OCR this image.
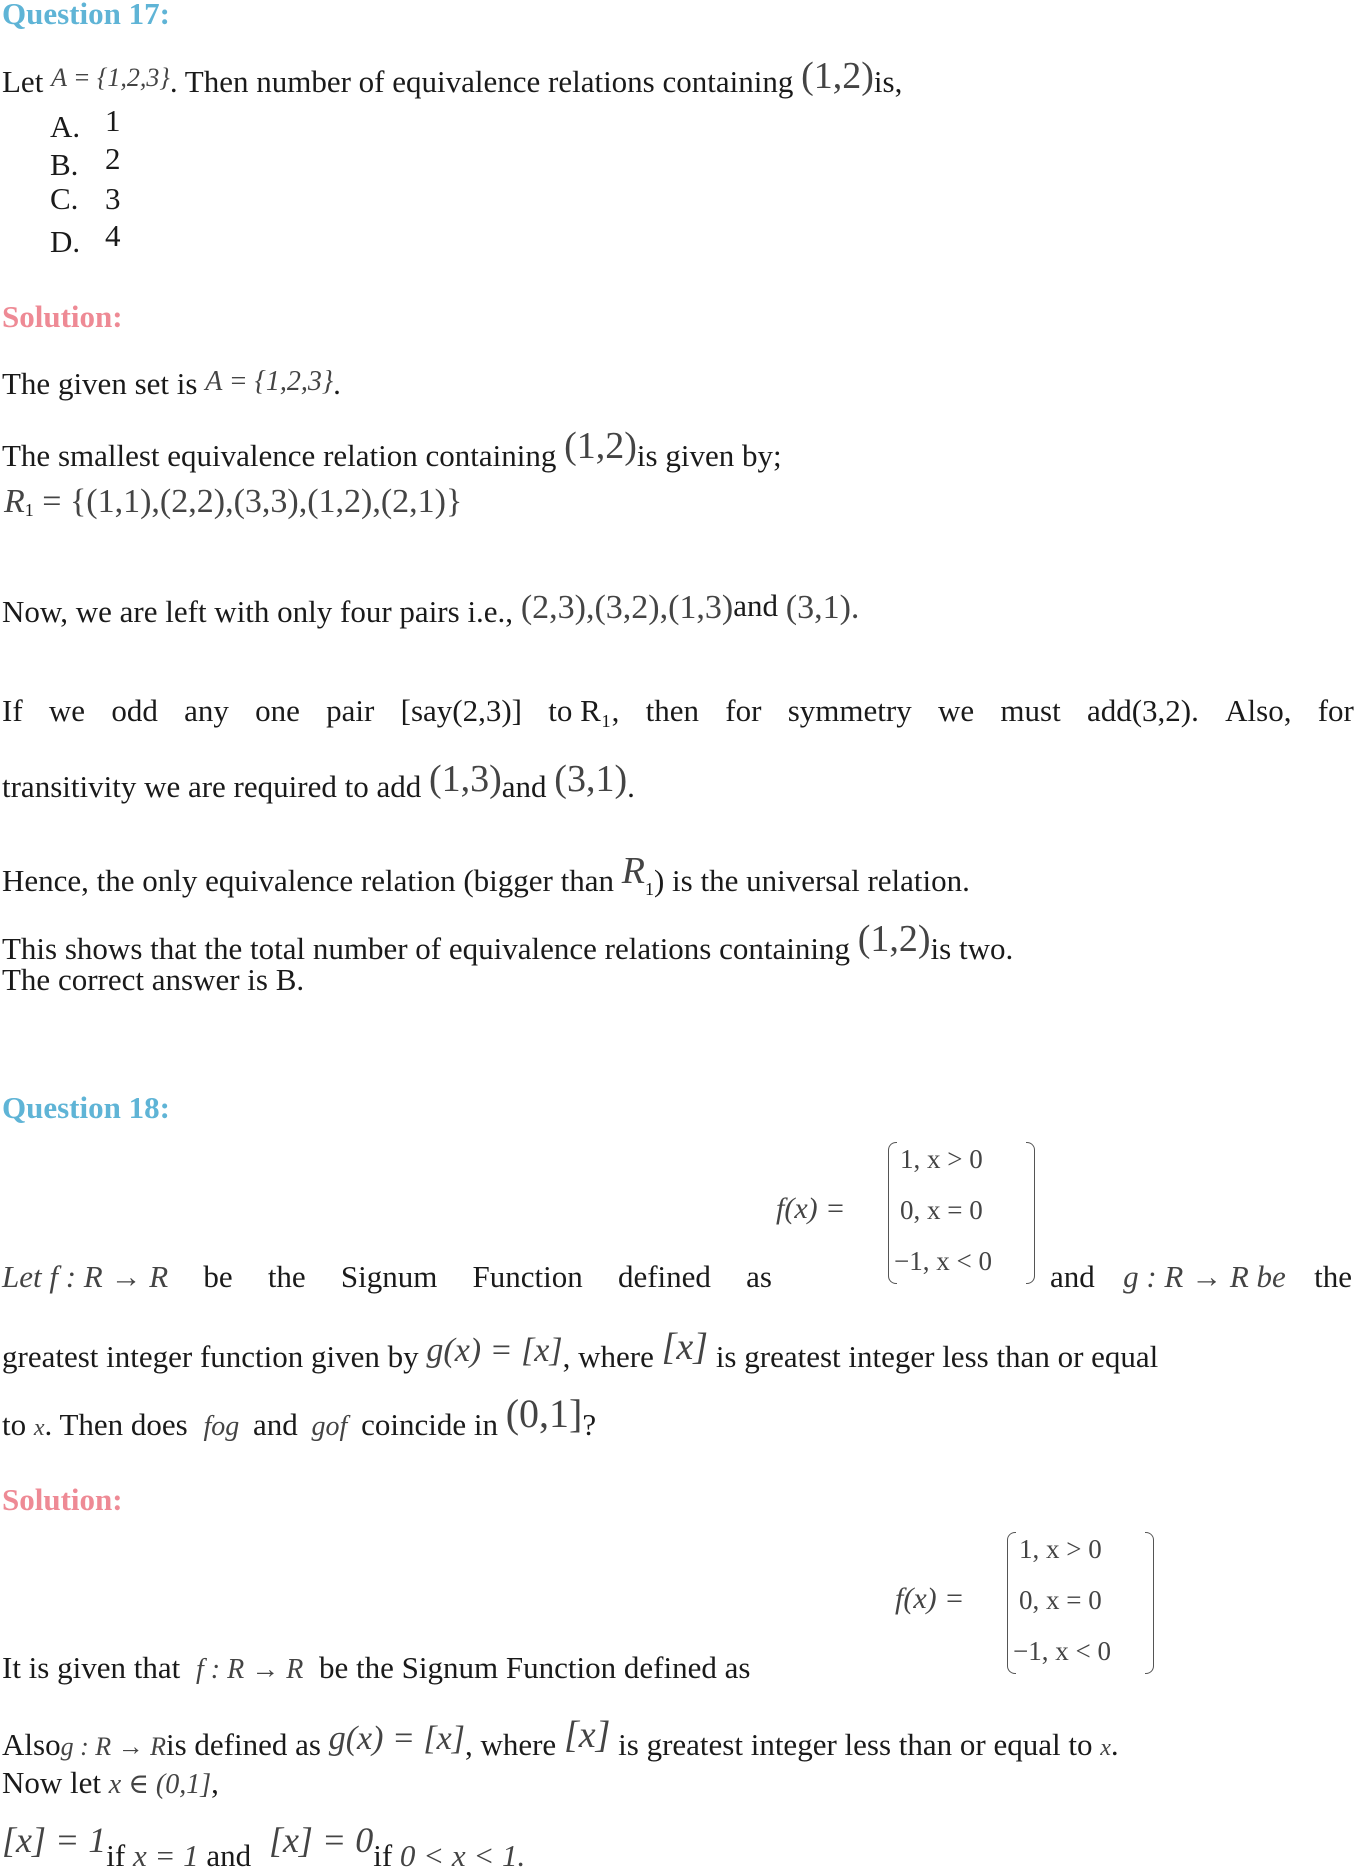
Question 17:
Let A = {1,2,3}. Then number of equivalence relations containing (1,2)is,
A. 1
B. 2
C. 3
D. 4
Solution:
The given set is A = {1,2,3}.
The smallest equivalence relation containing (1,2)is given by;
$R_1 = \{(1,1),(2,2),(3,3),(1,2),(2,1)\}$
Now, we are left with only four pairs i.e., (2,3),(3,2),(1,3)and (3,1).
If we odd any one pair [say(2,3)] to R₁, then for symmetry we must add(3,2). Also, for
transitivity we are required to add (1,3)and (3,1).
Hence, the only equivalence relation (bigger than $R_1$) is the universal relation.
This shows that the total number of equivalence relations containing (1,2)is two.
The correct answer is B.
Question 18:
f(x) =
1, x > 0
0, x = 0
−1, x < 0
Let f : R → R be the Signum Function defined as	and g : R → R be the
greatest integer function given by g(x) = [x], where [x] is greatest integer less than or equal
to x. Then does fog and gof coincide in (0,1]?
Solution:
f(x) =
1, x > 0
0, x = 0
−1, x < 0
It is given that f : R → R be the Signum Function defined as
Alsog : R → Ris defined as g(x) = [x], where [x] is greatest integer less than or equal to x.
Now let x ∈ (0,1],
[x] = 1if x = 1 and [x] = 0if 0 < x < 1.
